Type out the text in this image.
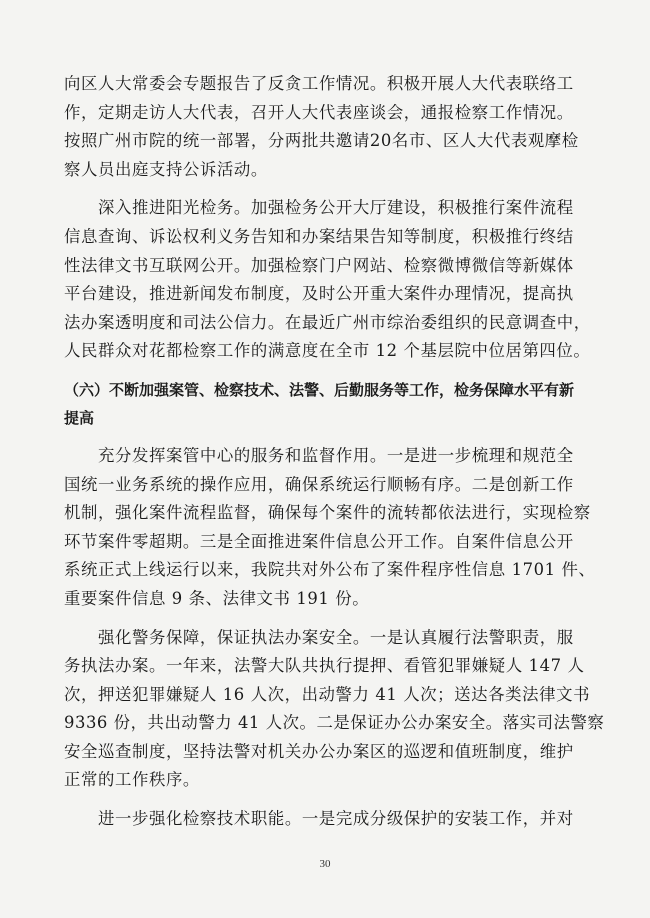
向区人大常委会专题报告了反贪工作情况。积极开展人大代表联络工

作，定期走访人大代表，召开人大代表座谈会，通报检察工作情况。

按照广州市院的统一部署，分两批共邀请20名市、区人大代表观摩检

察人员出庭支持公诉活动。

　　深入推进阳光检务。加强检务公开大厅建设，积极推行案件流程

信息查询、诉讼权利义务告知和办案结果告知等制度，积极推行终结

性法律文书互联网公开。加强检察门户网站、检察微博微信等新媒体

平台建设，推进新闻发布制度，及时公开重大案件办理情况，提高执

法办案透明度和司法公信力。在最近广州市综治委组织的民意调查中，

人民群众对花都检察工作的满意度在全市 12 个基层院中位居第四位。

（六）不断加强案管、检察技术、法警、后勤服务等工作，检务保障水平有新

提高

　　充分发挥案管中心的服务和监督作用。一是进一步梳理和规范全

国统一业务系统的操作应用，确保系统运行顺畅有序。二是创新工作

机制，强化案件流程监督，确保每个案件的流转都依法进行，实现检察

环节案件零超期。三是全面推进案件信息公开工作。自案件信息公开

系统正式上线运行以来，我院共对外公布了案件程序性信息 1701 件、

重要案件信息 9 条、法律文书 191 份。

　　强化警务保障，保证执法办案安全。一是认真履行法警职责，服

务执法办案。一年来，法警大队共执行提押、看管犯罪嫌疑人 147 人

次，押送犯罪嫌疑人 16 人次，出动警力 41 人次；送达各类法律文书

9336 份，共出动警力 41 人次。二是保证办公办案安全。落实司法警察

安全巡查制度，坚持法警对机关办公办案区的巡逻和值班制度，维护

正常的工作秩序。

　　进一步强化检察技术职能。一是完成分级保护的安装工作，并对

30
